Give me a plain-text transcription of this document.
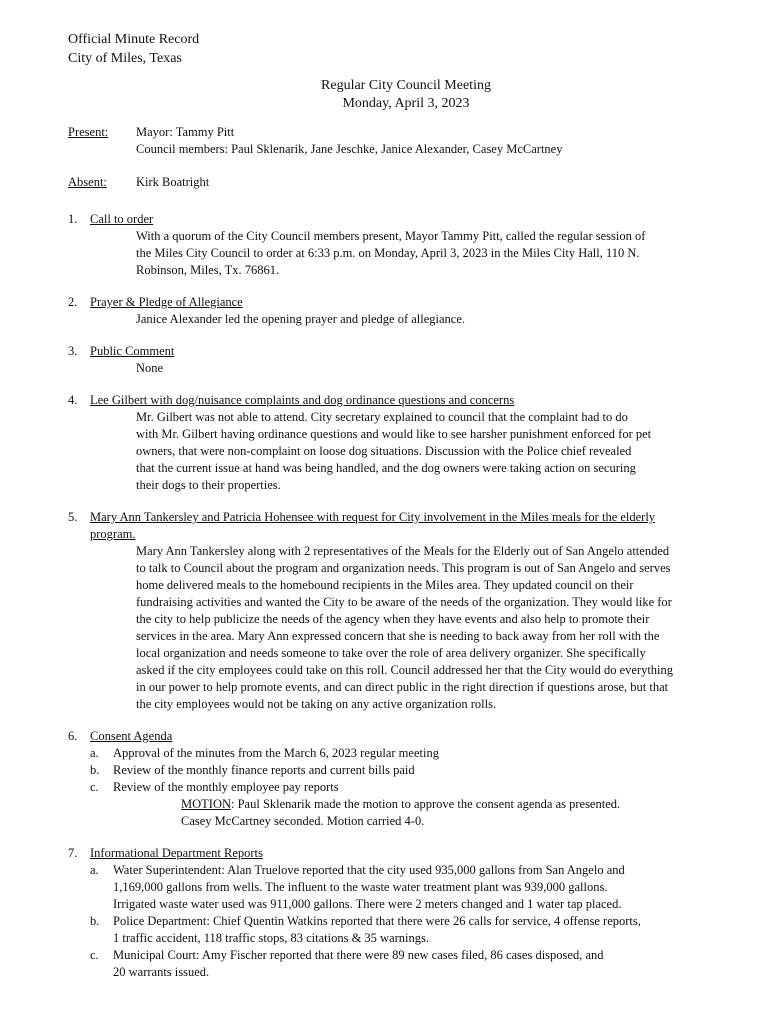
Official Minute Record
City of Miles, Texas
Regular City Council Meeting
Monday, April 3, 2023
Present:	Mayor: Tammy Pitt
Council members: Paul Sklenarik, Jane Jeschke, Janice Alexander, Casey McCartney
Absent:	Kirk Boatright
1.	Call to order
With a quorum of the City Council members present, Mayor Tammy Pitt, called the regular session of
the Miles City Council to order at 6:33 p.m. on Monday, April 3, 2023 in the Miles City Hall, 110 N.
Robinson, Miles, Tx. 76861.
2.	Prayer & Pledge of Allegiance
Janice Alexander led the opening prayer and pledge of allegiance.
3.	Public Comment
None
4.	Lee Gilbert with dog/nuisance complaints and dog ordinance questions and concerns
Mr. Gilbert was not able to attend. City secretary explained to council that the complaint had to do
with Mr. Gilbert having ordinance questions and would like to see harsher punishment enforced for pet
owners, that were non-complaint on loose dog situations. Discussion with the Police chief revealed
that the current issue at hand was being handled, and the dog owners were taking action on securing
their dogs to their properties.
5.	Mary Ann Tankersley and Patricia Hohensee with request for City involvement in the Miles meals for the elderly
program.
Mary Ann Tankersley along with 2 representatives of the Meals for the Elderly out of San Angelo attended
to talk to Council about the program and organization needs. This program is out of San Angelo and serves
home delivered meals to the homebound recipients in the Miles area. They updated council on their
fundraising activities and wanted the City to be aware of the needs of the organization. They would like for
the city to help publicize the needs of the agency when they have events and also help to promote their
services in the area. Mary Ann expressed concern that she is needing to back away from her roll with the
local organization and needs someone to take over the role of area delivery organizer. She specifically
asked if the city employees could take on this roll. Council addressed her that the City would do everything
in our power to help promote events, and can direct public in the right direction if questions arose, but that
the city employees would not be taking on any active organization rolls.
6.	Consent Agenda
a.	Approval of the minutes from the March 6, 2023 regular meeting
b.	Review of the monthly finance reports and current bills paid
c.	Review of the monthly employee pay reports
MOTION: Paul Sklenarik made the motion to approve the consent agenda as presented.
Casey McCartney seconded. Motion carried 4-0.
7.	Informational Department Reports
a.	Water Superintendent: Alan Truelove reported that the city used 935,000 gallons from San Angelo and
1,169,000 gallons from wells. The influent to the waste water treatment plant was 939,000 gallons.
Irrigated waste water used was 911,000 gallons. There were 2 meters changed and 1 water tap placed.
b.	Police Department: Chief Quentin Watkins reported that there were 26 calls for service, 4 offense reports,
1 traffic accident, 118 traffic stops, 83 citations & 35 warnings.
c.	Municipal Court: Amy Fischer reported that there were 89 new cases filed, 86 cases disposed, and
20 warrants issued.
